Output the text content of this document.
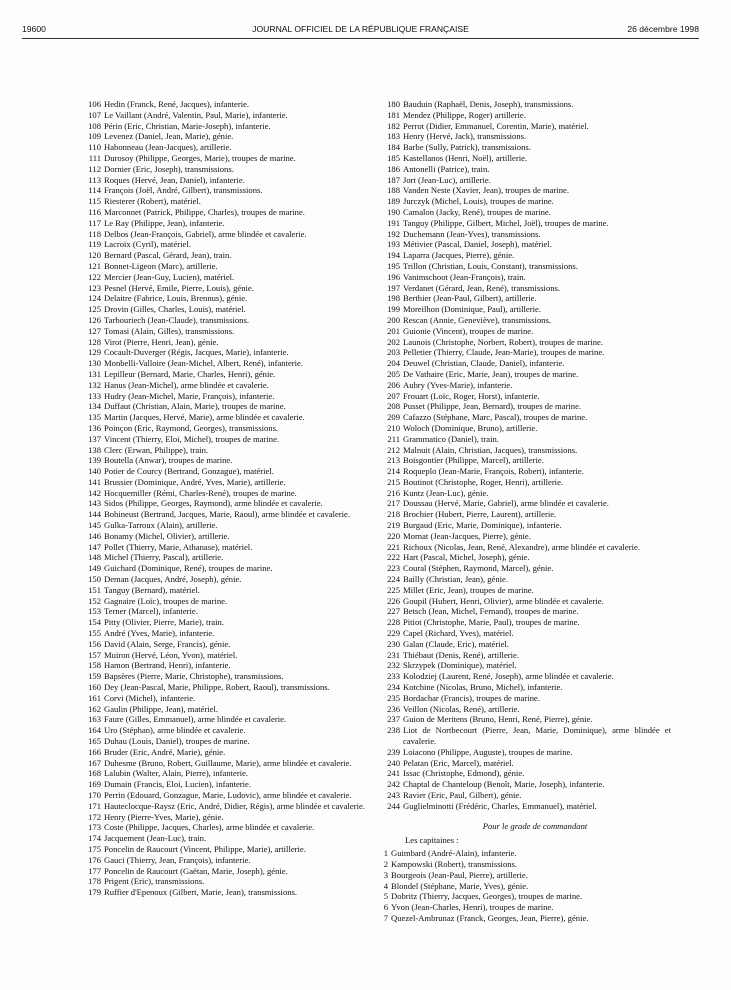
19600	JOURNAL OFFICIEL DE LA RÉPUBLIQUE FRANÇAISE	26 décembre 1998
106 Hedin (Franck, René, Jacques), infanterie.
107 Le Vaillant (André, Valentin, Paul, Marie), infanterie.
108 Périn (Eric, Christian, Marie-Joseph), infanterie.
109 Levenez (Daniel, Jean, Marie), génie.
110 Habonneau (Jean-Jacques), artillerie.
111 Durosoy (Philippe, Georges, Marie), troupes de marine.
112 Dornier (Eric, Joseph), transmissions.
113 Roques (Hervé, Jean, Daniel), infanterie.
114 François (Joël, André, Gilbert), transmissions.
115 Riesterer (Robert), matériel.
116 Marconnet (Patrick, Philippe, Charles), troupes de marine.
117 Le Ray (Philippe, Jean), infanterie.
118 Delbos (Jean-François, Gabriel), arme blindée et cavalerie.
119 Lacroix (Cyril), matériel.
120 Bernard (Pascal, Gérard, Jean), train.
121 Bonnet-Ligeon (Marc), artillerie.
122 Mercier (Jean-Guy, Lucien), matériel.
123 Pesnel (Hervé, Emile, Pierre, Louis), génie.
124 Delaitre (Fabrice, Louis, Brennus), génie.
125 Drovin (Gilles, Charles, Louis), matériel.
126 Tarbouriech (Jean-Claude), transmissions.
127 Tomasi (Alain, Gilles), transmissions.
128 Virot (Pierre, Henri, Jean), génie.
129 Cocault-Duverger (Régis, Jacques, Marie), infanterie.
130 Monbelli-Valloire (Jean-Michel, Albert, René), infanterie.
131 Lepilleur (Bernard, Marie, Charles, Henri), génie.
132 Hanus (Jean-Michel), arme blindée et cavalerie.
133 Hudry (Jean-Michel, Marie, François), infanterie.
134 Duffaut (Christian, Alain, Marie), troupes de marine.
135 Martin (Jacques, Hervé, Marie), arme blindée et cavalerie.
136 Poinçon (Eric, Raymond, Georges), transmissions.
137 Vincent (Thierry, Eloi, Michel), troupes de marine.
138 Clerc (Erwan, Philippe), train.
139 Boutella (Anwar), troupes de marine.
140 Potier de Courcy (Bertrand, Gonzague), matériel.
141 Brussier (Dominique, André, Yves, Marie), artillerie.
142 Hocquemiller (Rémi, Charles-René), troupes de marine.
143 Sidos (Philippe, Georges, Raymond), arme blindée et cavalerie.
144 Bohineust (Bertrand, Jacques, Marie, Raoul), arme blindée et cavalerie.
145 Gulka-Tarroux (Alain), artillerie.
146 Bonamy (Michel, Olivier), artillerie.
147 Pollet (Thierry, Marie, Athanase), matériel.
148 Michel (Thierry, Pascal), artillerie.
149 Guichard (Dominique, René), troupes de marine.
150 Deman (Jacques, André, Joseph), génie.
151 Tanguy (Bernard), matériel.
152 Gagnaire (Loïc), troupes de marine.
153 Terner (Marcel), infanterie.
154 Pitty (Olivier, Pierre, Marie), train.
155 André (Yves, Marie), infanterie.
156 David (Alain, Serge, Francis), génie.
157 Muiron (Hervé, Léon, Yvon), matériel.
158 Hamon (Bertrand, Henri), infanterie.
159 Bapsères (Pierre, Marie, Christophe), transmissions.
160 Dey (Jean-Pascal, Marie, Philippe, Robert, Raoul), transmissions.
161 Corvi (Michel), infanterie.
162 Gaulin (Philippe, Jean), matériel.
163 Faure (Gilles, Emmanuel), arme blindée et cavalerie.
164 Uro (Stéphan), arme blindée et cavalerie.
165 Duhau (Louis, Daniel), troupes de marine.
166 Bruder (Eric, André, Marie), génie.
167 Duhesme (Bruno, Robert, Guillaume, Marie), arme blindée et cavalerie.
168 Lalubin (Walter, Alain, Pierre), infanterie.
169 Dumain (Francis, Eloi, Lucien), infanterie.
170 Perrin (Edouard, Gonzague, Marie, Ludovic), arme blindée et cavalerie.
171 Hauteclocque-Raysz (Eric, André, Didier, Régis), arme blindée et cavalerie.
172 Henry (Pierre-Yves, Marie), génie.
173 Coste (Philippe, Jacques, Charles), arme blindée et cavalerie.
174 Jacquement (Jean-Luc), train.
175 Poncelin de Raucourt (Vincent, Philippe, Marie), artillerie.
176 Gauci (Thierry, Jean, François), infanterie.
177 Poncelin de Raucourt (Gaëtan, Marie, Joseph), génie.
178 Prigent (Eric), transmissions.
179 Ruffier d'Epenoux (Gilbert, Marie, Jean), transmissions.
180 Bauduin (Raphaël, Denis, Joseph), transmissions.
181 Mendez (Philippe, Roger) artillerie.
182 Perrot (Didier, Emmanuel, Corentin, Marie), matériel.
183 Henry (Hervé, Jack), transmissions.
184 Barbe (Sully, Patrick), transmissions.
185 Kastellanos (Henri, Noël), artillerie.
186 Antonelli (Patrice), train.
187 Jort (Jean-Luc), artillerie.
188 Vanden Neste (Xavier, Jean), troupes de marine.
189 Jurczyk (Michel, Louis), troupes de marine.
190 Camalon (Jacky, René), troupes de marine.
191 Tanguy (Philippe, Gilbert, Michel, Joël), troupes de marine.
192 Duchemann (Jean-Yves), transmissions.
193 Métivier (Pascal, Daniel, Joseph), matériel.
194 Laparra (Jacques, Pierre), génie.
195 Trillon (Christian, Louis, Constant), transmissions.
196 Vanimschoot (Jean-François), train.
197 Verdanet (Gérard, Jean, René), transmissions.
198 Berthier (Jean-Paul, Gilbert), artillerie.
199 Moreilhon (Dominique, Paul), artillerie.
200 Rescan (Annie, Geneviève), transmissions.
201 Guionie (Vincent), troupes de marine.
202 Launois (Christophe, Norbert, Robert), troupes de marine.
203 Pelletier (Thierry, Claude, Jean-Marie), troupes de marine.
204 Deuwel (Christian, Claude, Daniel), infanterie.
205 De Vathaire (Eric, Marie, Jean), troupes de marine.
206 Aubry (Yves-Marie), infanterie.
207 Frouart (Loïc, Roger, Horst), infanterie.
208 Pusset (Philippe, Jean, Bernard), troupes de marine.
209 Cafazzo (Stéphane, Marc, Pascal), troupes de marine.
210 Woloch (Dominique, Bruno), artillerie.
211 Grammatico (Daniel), train.
212 Malnuit (Alain, Christian, Jacques), transmissions.
213 Boisgontier (Philippe, Marcel), artillerie.
214 Roqueplo (Jean-Marie, François, Robert), infanterie.
215 Boutinot (Christophe, Roger, Henri), artillerie.
216 Kuntz (Jean-Luc), génie.
217 Doussau (Hervé, Marie, Gabriel), arme blindée et cavalerie.
218 Brochier (Hubert, Pierre, Laurent), artillerie.
219 Burgaud (Eric, Marie, Dominique), infanterie.
220 Mornat (Jean-Jacques, Pierre), génie.
221 Richoux (Nicolas, Jean, René, Alexandre), arme blindée et cavalerie.
222 Hart (Pascal, Michel, Joseph), génie.
223 Coural (Stéphen, Raymond, Marcel), génie.
224 Bailly (Christian, Jean), génie.
225 Millet (Eric, Jean), troupes de marine.
226 Goupil (Hubert, Henri, Olivier), arme blindée et cavalerie.
227 Betsch (Jean, Michel, Fernand), troupes de marine.
228 Pitiot (Christophe, Marie, Paul), troupes de marine.
229 Capel (Richard, Yves), matériel.
230 Galan (Claude, Eric), matériel.
231 Thiébaut (Denis, René), artillerie.
232 Skrzypek (Dominique), matériel.
233 Kolodziej (Laurent, René, Joseph), arme blindée et cavalerie.
234 Kotchine (Nicolas, Bruno, Michel), infanterie.
235 Bordachar (Francis), troupes de marine.
236 Veillon (Nicolas, René), artillerie.
237 Guion de Meritens (Bruno, Henri, René, Pierre), génie.
238 Liot de Nortbecourt (Pierre, Jean, Marie, Dominique), arme blindée et cavalerie.
239 Loiacono (Philippe, Auguste), troupes de marine.
240 Pelatan (Eric, Marcel), matériel.
241 Issac (Christophe, Edmond), génie.
242 Chaptal de Chanteloup (Benoît, Marie, Joseph), infanterie.
243 Ravier (Eric, Paul, Gilbert), génie.
244 Guglielminotti (Frédéric, Charles, Emmanuel), matériel.
Pour le grade de commandant
Les capitaines :
1 Guimbard (André-Alain), infanterie.
2 Kampowski (Robert), transmissions.
3 Bourgeois (Jean-Paul, Pierre), artillerie.
4 Blondel (Stéphane, Marie, Yves), génie.
5 Dobritz (Thierry, Jacques, Georges), troupes de marine.
6 Yvon (Jean-Charles, Henri), troupes de marine.
7 Quezel-Ambrunaz (Franck, Georges, Jean, Pierre), génie.
